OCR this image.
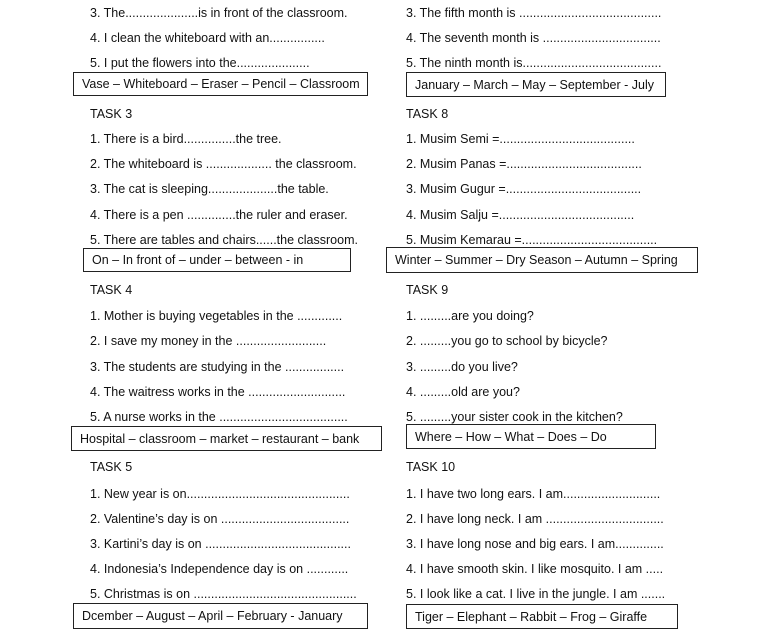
3. The.....................is in front of the classroom.
4. I clean the whiteboard with an................
5. I put the flowers into the.....................
Vase – Whiteboard – Eraser – Pencil – Classroom
TASK 3
1. There is a bird...............the tree.
2. The whiteboard is ................... the classroom.
3. The cat is sleeping....................the table.
4. There is a pen ..............the ruler and eraser.
5. There are tables and chairs......the classroom.
On – In front of – under – between - in
TASK 4
1. Mother is buying vegetables in the .............
2. I save my money in the ..........................
3. The students are studying in the .................
4. The waitress works in the ............................
5. A nurse works in the .....................................
Hospital – classroom – market – restaurant – bank
TASK 5
1. New year is on...............................................
2. Valentine’s day is on .....................................
3. Kartini’s day is on ..........................................
4. Indonesia’s Independence day is on ............
5. Christmas is on ...............................................
Dcember – August – April – February - January
3. The fifth month is .........................................
4. The seventh month is ..................................
5. The ninth month is........................................
January – March – May – September - July
TASK 8
1. Musim Semi =.......................................
2. Musim Panas =.......................................
3. Musim Gugur =.......................................
4. Musim Salju =.......................................
5. Musim Kemarau =.......................................
Winter – Summer – Dry Season – Autumn – Spring
TASK 9
1. .........are you doing?
2. .........you go to school by bicycle?
3. .........do you live?
4. .........old are you?
5. .........your sister cook in the kitchen?
Where – How – What – Does – Do
TASK 10
1. I have two long ears. I am............................
2. I have long neck. I am ..................................
3. I have long nose and big ears. I am..............
4. I have smooth skin. I like mosquito. I am .....
5. I look like a cat. I live in the jungle. I am .......
Tiger – Elephant – Rabbit – Frog – Giraffe
